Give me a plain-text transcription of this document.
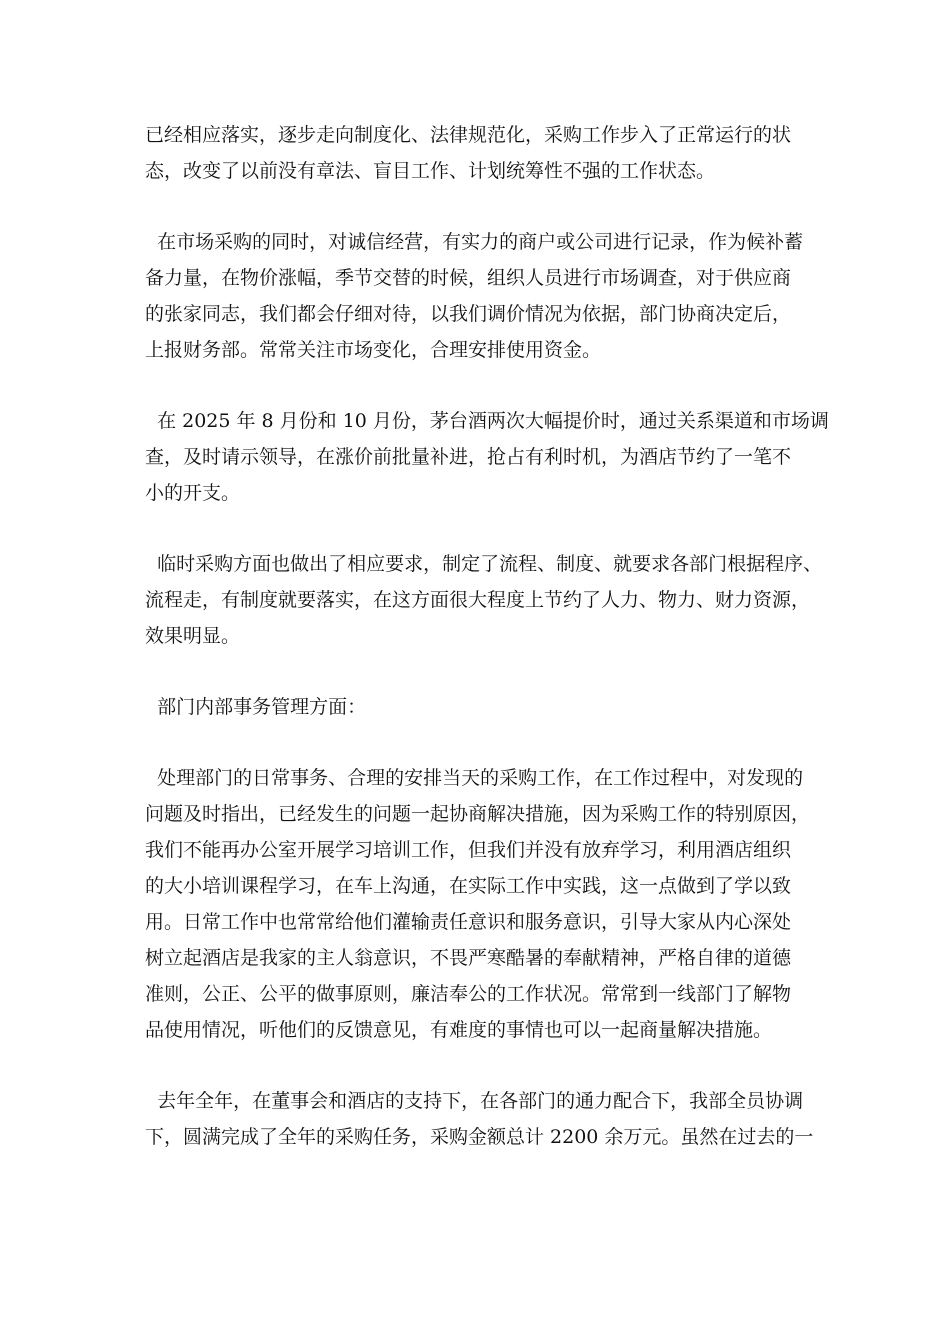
已经相应落实，逐步走向制度化、法律规范化，采购工作步入了正常运行的状
态，改变了以前没有章法、盲目工作、计划统筹性不强的工作状态。
在市场采购的同时，对诚信经营，有实力的商户或公司进行记录，作为候补蓄
备力量，在物价涨幅，季节交替的时候，组织人员进行市场调查，对于供应商
的张家同志，我们都会仔细对待，以我们调价情况为依据，部门协商决定后，
上报财务部。常常关注市场变化，合理安排使用资金。
在 2025 年 8 月份和 10 月份，茅台酒两次大幅提价时，通过关系渠道和市场调
查，及时请示领导，在涨价前批量补进，抢占有利时机，为酒店节约了一笔不
小的开支。
临时采购方面也做出了相应要求，制定了流程、制度、就要求各部门根据程序、
流程走，有制度就要落实，在这方面很大程度上节约了人力、物力、财力资源，
效果明显。
部门内部事务管理方面：
处理部门的日常事务、合理的安排当天的采购工作，在工作过程中，对发现的
问题及时指出，已经发生的问题一起协商解决措施，因为采购工作的特别原因，
我们不能再办公室开展学习培训工作，但我们并没有放弃学习，利用酒店组织
的大小培训课程学习，在车上沟通，在实际工作中实践，这一点做到了学以致
用。日常工作中也常常给他们灌输责任意识和服务意识，引导大家从内心深处
树立起酒店是我家的主人翁意识，不畏严寒酷暑的奉献精神，严格自律的道德
准则，公正、公平的做事原则，廉洁奉公的工作状况。常常到一线部门了解物
品使用情况，听他们的反馈意见，有难度的事情也可以一起商量解决措施。
去年全年，在董事会和酒店的支持下，在各部门的通力配合下，我部全员协调
下，圆满完成了全年的采购任务，采购金额总计 2200 余万元。虽然在过去的一
